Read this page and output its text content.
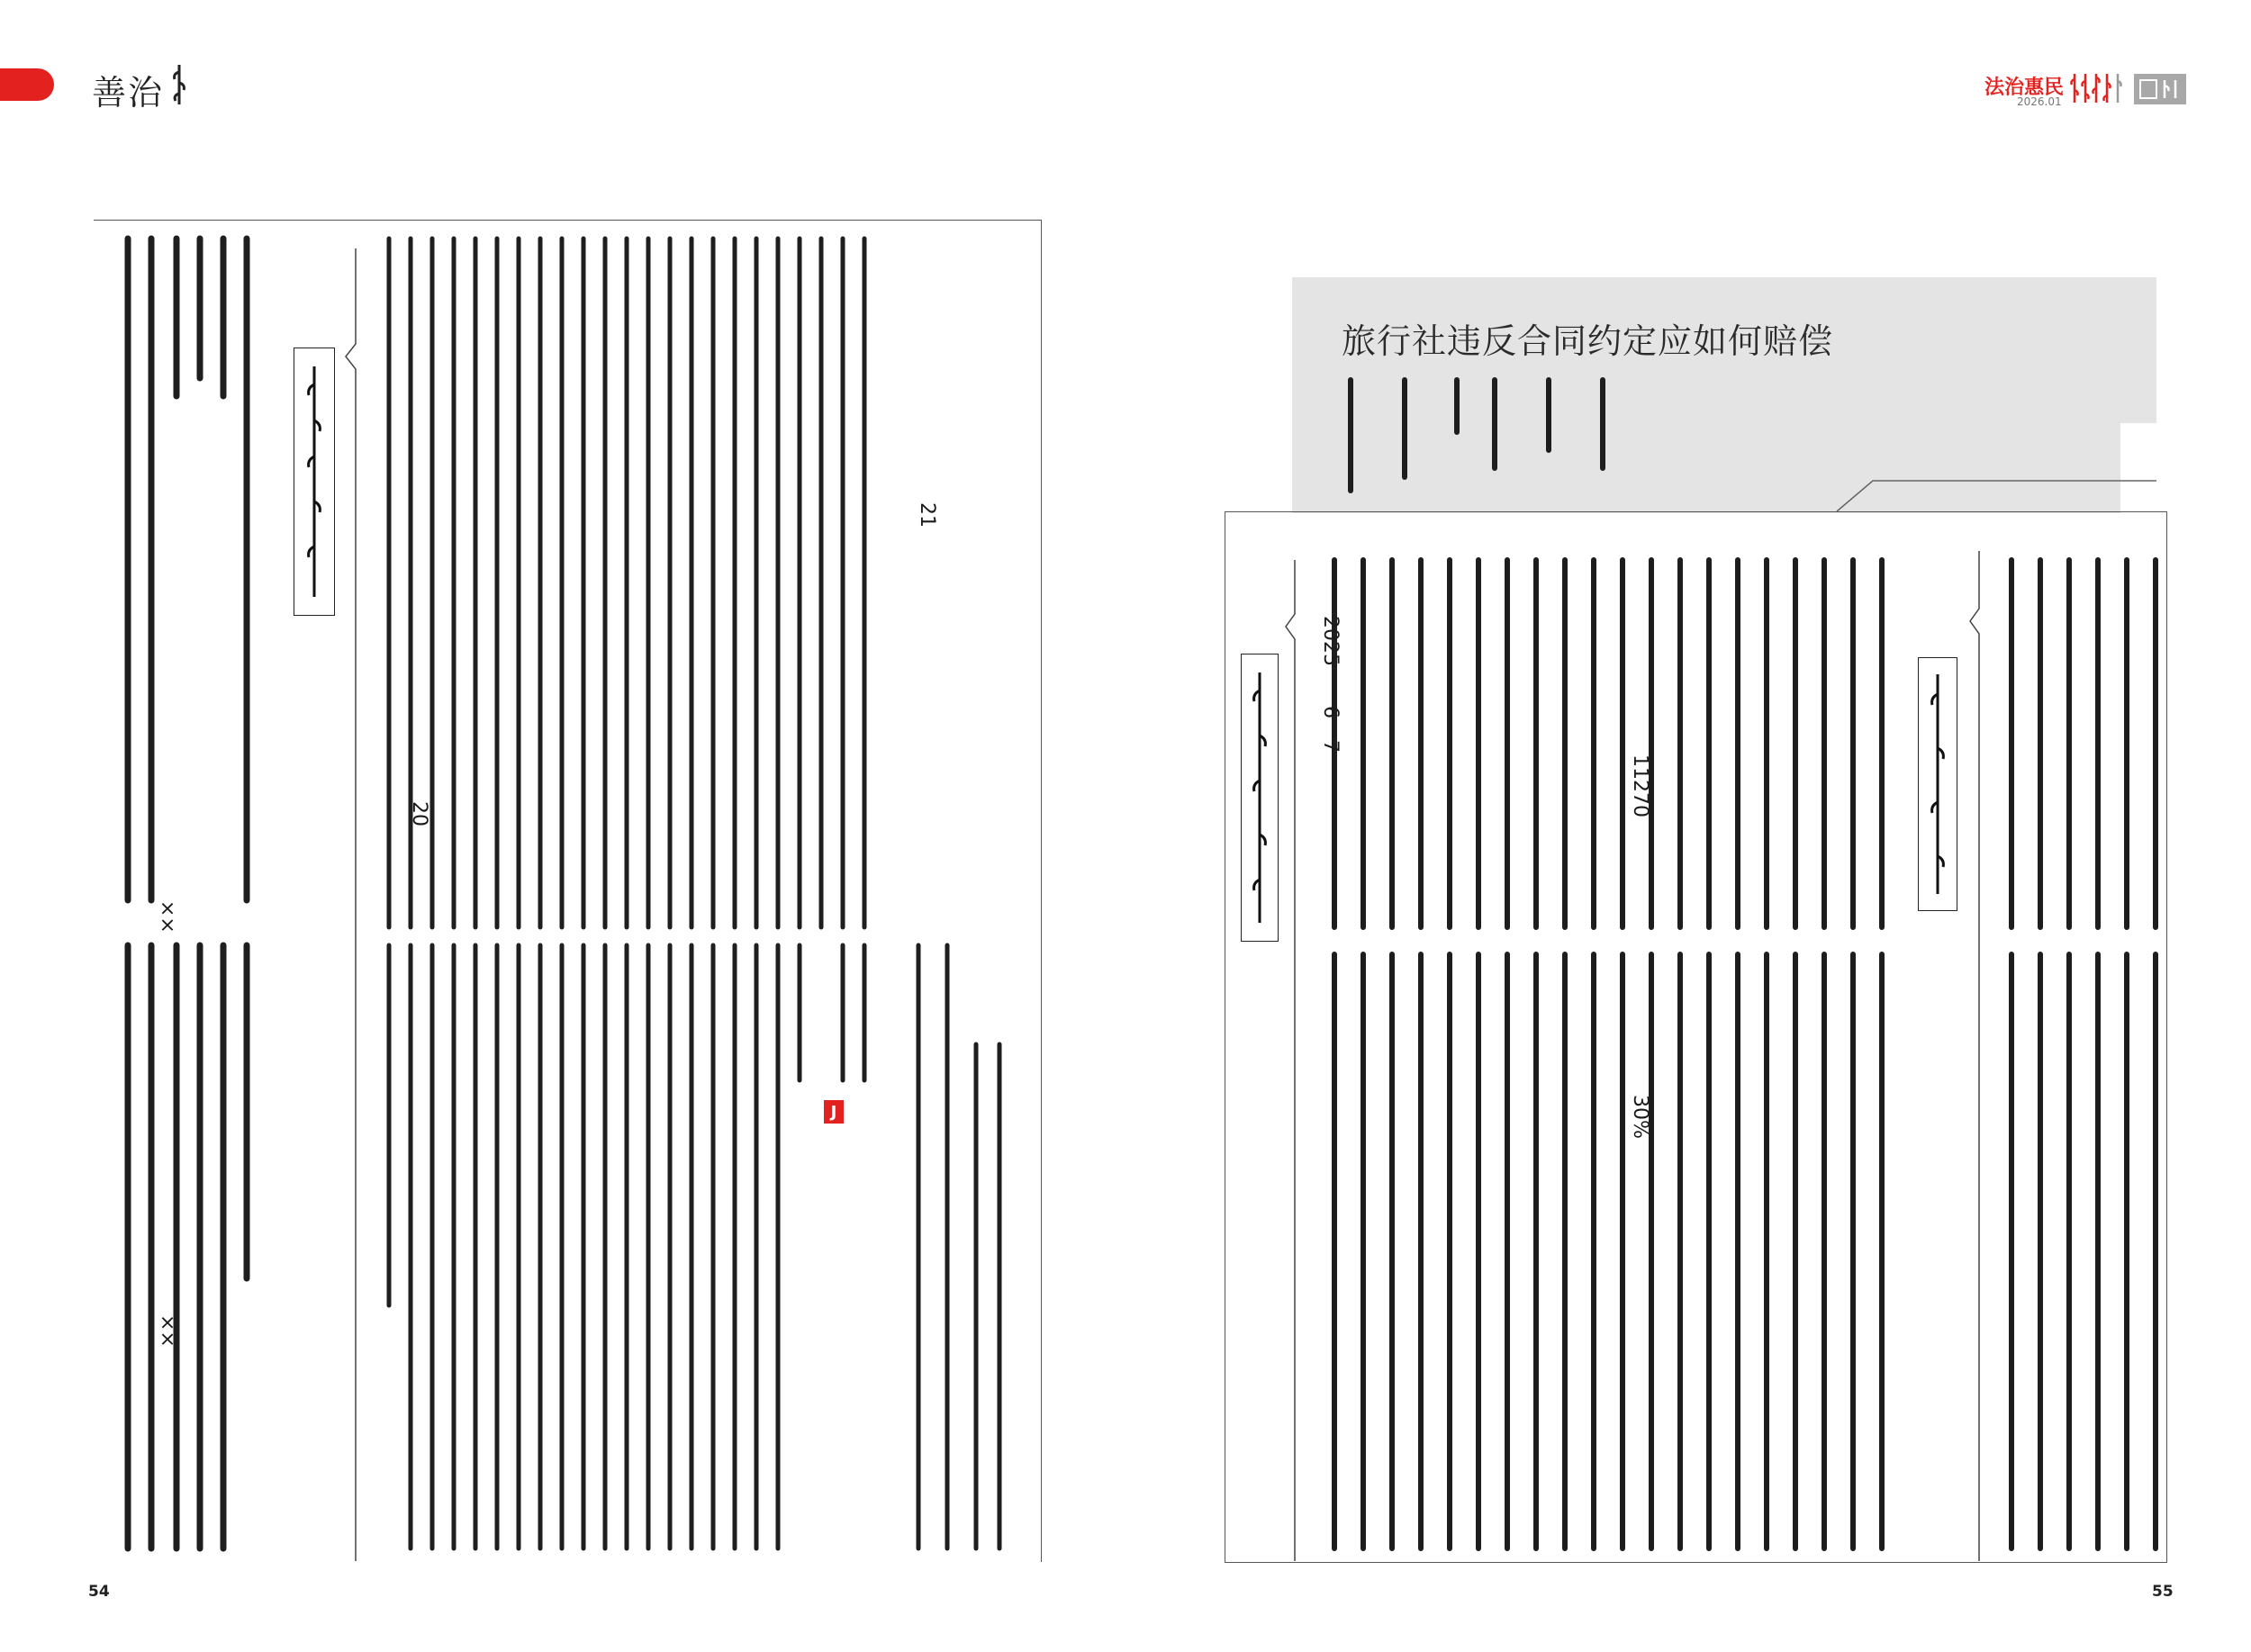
善治	法治惠民
2026.01
54	55
J
21
20
××
××
旅行社违反合同约定应如何赔偿
11270
30%
2025
6
7
